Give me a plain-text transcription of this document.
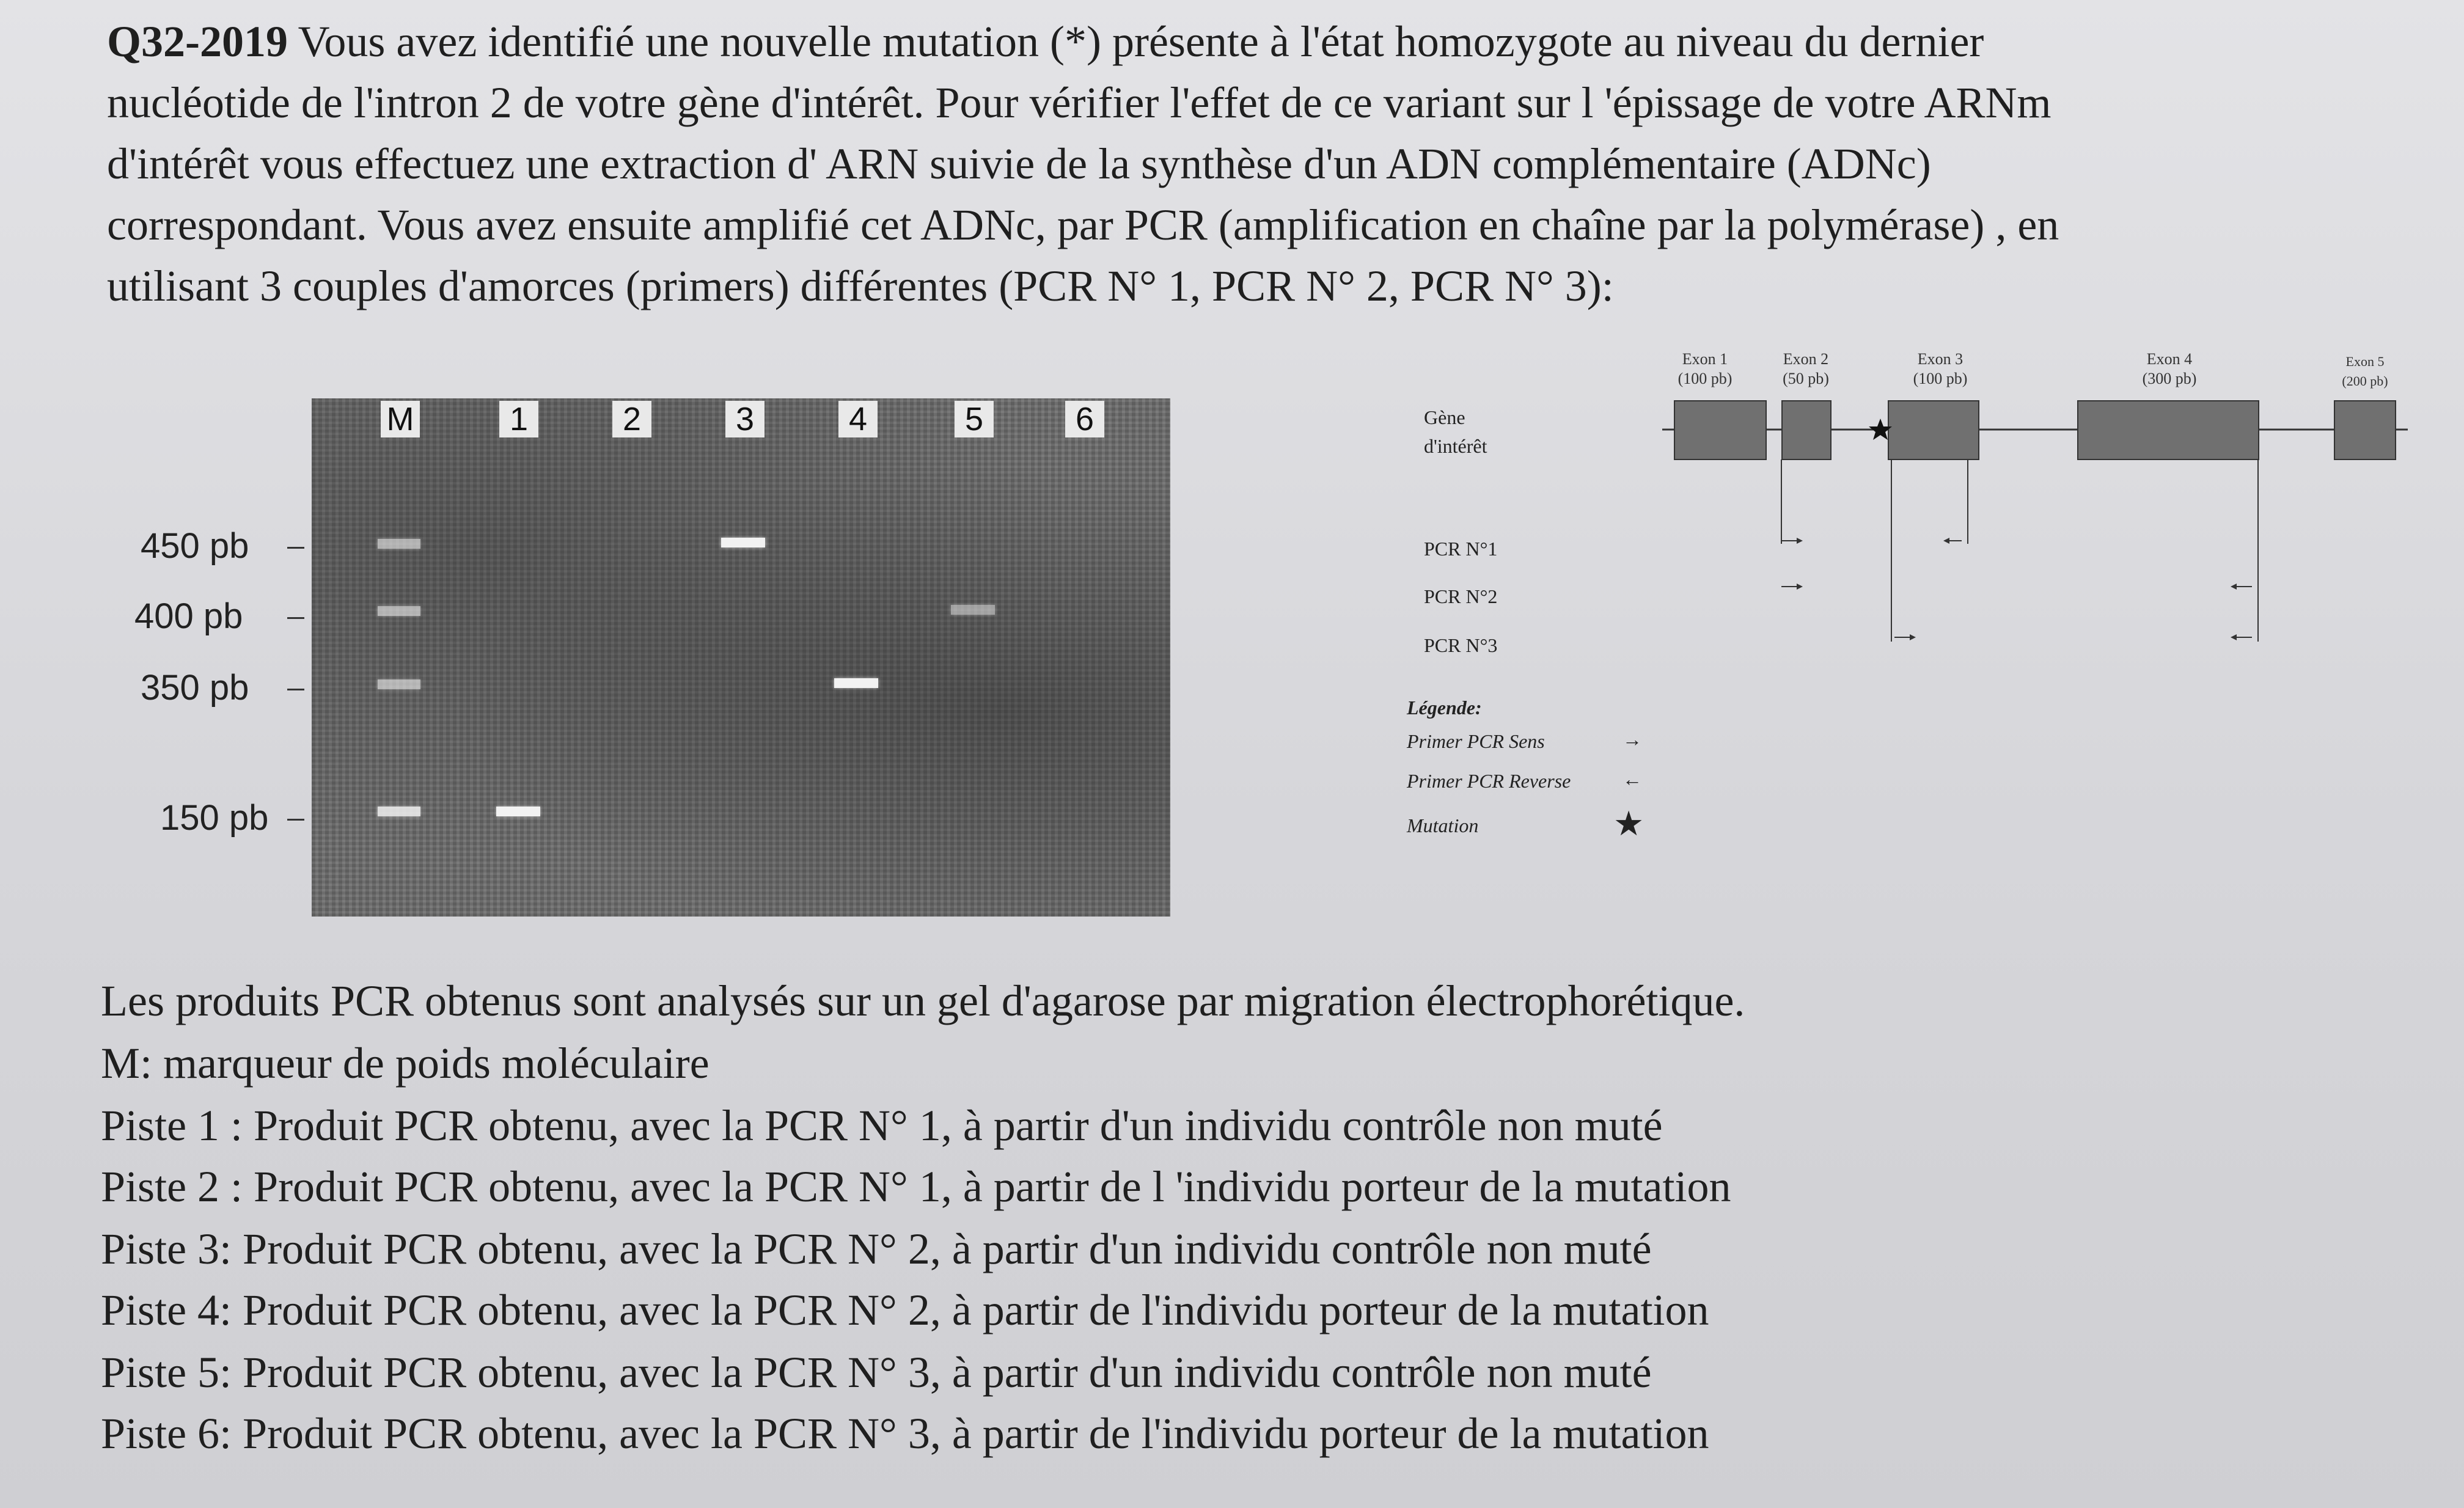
Q32-2019 Vous avez identifié une nouvelle mutation (*) présente à l'état homozygote au niveau du dernier
nucléotide de l'intron 2 de votre gène d'intérêt. Pour vérifier l'effet de ce variant sur l 'épissage de votre ARNm
d'intérêt vous effectuez une extraction d' ARN suivie de la synthèse d'un ADN complémentaire (ADNc)
correspondant. Vous avez ensuite amplifié cet ADNc, par PCR (amplification en chaîne par la polymérase) , en
utilisant 3 couples d'amorces (primers) différentes (PCR N° 1, PCR N° 2, PCR N° 3):
M	1	2	3	4	5	6
450 pb
400 pb
350 pb
150 pb
Gène
d'intérêt
Exon 1
(100 pb)
Exon 2
(50 pb)
Exon 3
(100 pb)
Exon 4
(300 pb)
Exon 5
(200 pb)
PCR N°1
PCR N°2
PCR N°3
Légende:
Primer PCR Sens	→
Primer PCR Reverse	←
Mutation	★
Les produits PCR obtenus sont analysés sur un gel d'agarose par migration électrophorétique.
M: marqueur de poids moléculaire
Piste 1 : Produit PCR obtenu, avec la PCR N° 1, à partir d'un individu contrôle non muté
Piste 2 : Produit PCR obtenu, avec la PCR N° 1, à partir de l 'individu porteur de la mutation
Piste 3: Produit PCR obtenu, avec la PCR N° 2, à partir d'un individu contrôle non muté
Piste 4: Produit PCR obtenu, avec la PCR N° 2, à partir de l'individu porteur de la mutation
Piste 5: Produit PCR obtenu, avec la PCR N° 3, à partir d'un individu contrôle non muté
Piste 6: Produit PCR obtenu, avec la PCR N° 3, à partir de l'individu porteur de la mutation
